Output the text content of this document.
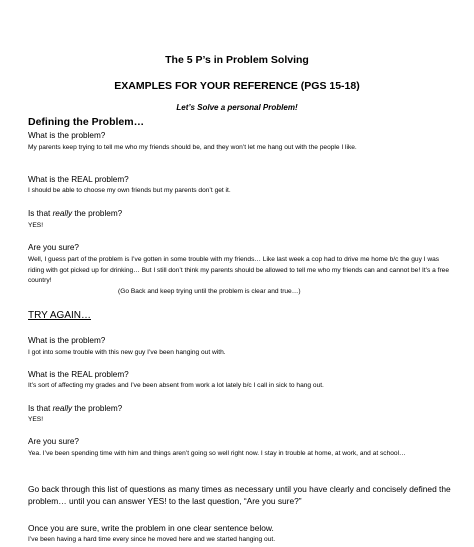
The 5 P’s in Problem Solving
EXAMPLES FOR YOUR REFERENCE (PGS 15-18)
Let’s Solve a personal Problem!
Defining the Problem…
What is the problem?
My parents keep trying to tell me who my friends should be, and they won’t let me hang out with the people I like.
What is the REAL problem?
I should be able to choose my own friends but my parents don’t get it.
Is that really the problem?
YES!
Are you sure?
Well, I guess part of the problem is I’ve gotten in some trouble with my friends… Like last week a cop had to drive me home b/c the guy I was riding with got picked up for drinking… But I still don’t think my parents should be allowed to tell me who my friends can and cannot be! It’s a free country!
(Go Back and keep trying until the problem is clear and true…)
TRY AGAIN…
What is the problem?
I got into some trouble with this new guy I’ve been hanging out with.
What is the REAL problem?
It’s sort of affecting my grades and I’ve been absent from work a lot lately b/c I call in sick to hang out.
Is that really the problem?
YES!
Are you sure?
Yea. I’ve been spending time with him and things aren’t going so well right now. I stay in trouble at home, at work, and at school…
Go back through this list of questions as many times as necessary until you have clearly and concisely defined the problem… until you can answer YES! to the last question, “Are you sure?”
Once you are sure, write the problem in one clear sentence below.
I’ve been having a hard time every since he moved here and we started hanging out.
